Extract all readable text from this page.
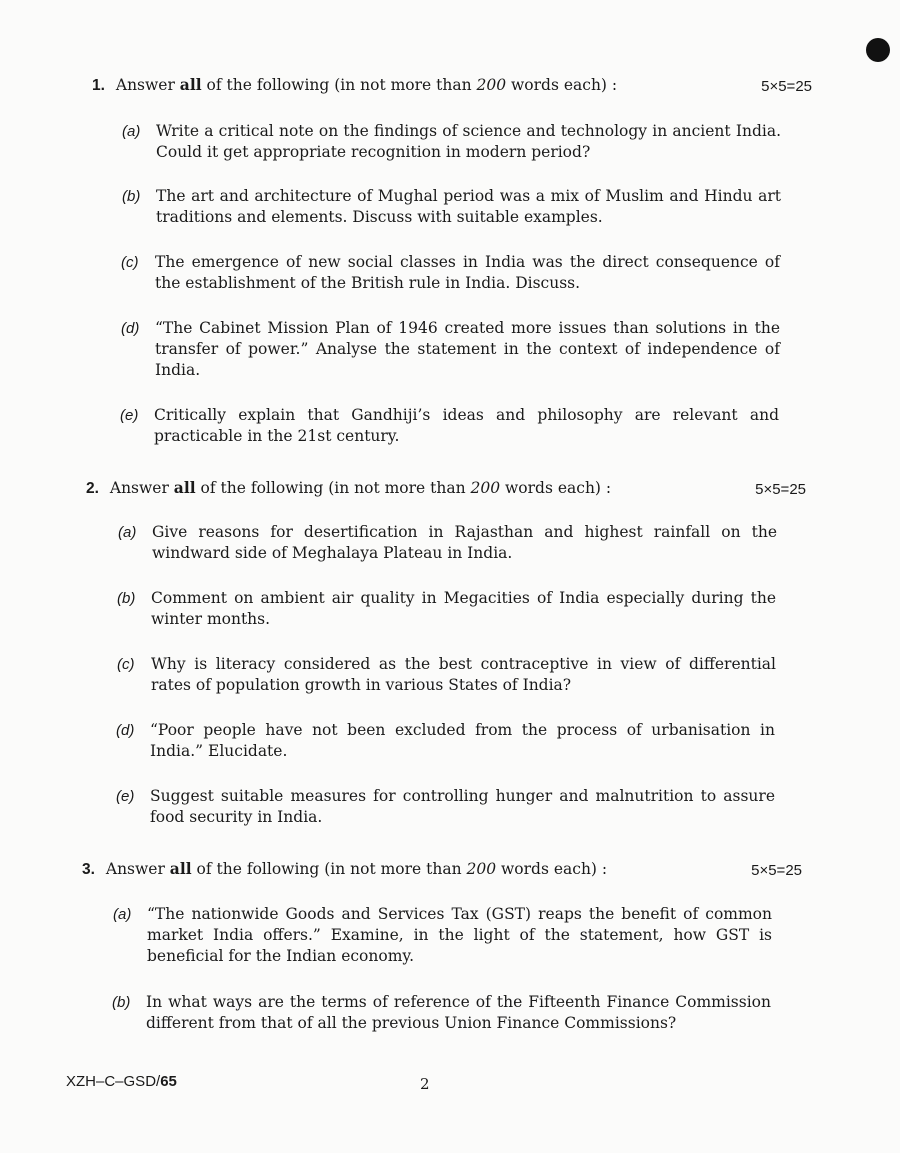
1. Answer all of the following (in not more than 200 words each) :	5×5=25
(a) Write a critical note on the findings of science and technology in ancient India. Could it get appropriate recognition in modern period?
(b) The art and architecture of Mughal period was a mix of Muslim and Hindu art traditions and elements. Discuss with suitable examples.
(c) The emergence of new social classes in India was the direct consequence of the establishment of the British rule in India. Discuss.
(d) “The Cabinet Mission Plan of 1946 created more issues than solutions in the transfer of power.” Analyse the statement in the context of independence of India.
(e) Critically explain that Gandhiji’s ideas and philosophy are relevant and practicable in the 21st century.
2. Answer all of the following (in not more than 200 words each) :	5×5=25
(a) Give reasons for desertification in Rajasthan and highest rainfall on the windward side of Meghalaya Plateau in India.
(b) Comment on ambient air quality in Megacities of India especially during the winter months.
(c) Why is literacy considered as the best contraceptive in view of differential rates of population growth in various States of India?
(d) “Poor people have not been excluded from the process of urbanisation in India.” Elucidate.
(e) Suggest suitable measures for controlling hunger and malnutrition to assure food security in India.
3. Answer all of the following (in not more than 200 words each) :	5×5=25
(a) “The nationwide Goods and Services Tax (GST) reaps the benefit of common market India offers.” Examine, in the light of the statement, how GST is beneficial for the Indian economy.
(b) In what ways are the terms of reference of the Fifteenth Finance Commission different from that of all the previous Union Finance Commissions?
XZH–C–GSD/65	2
